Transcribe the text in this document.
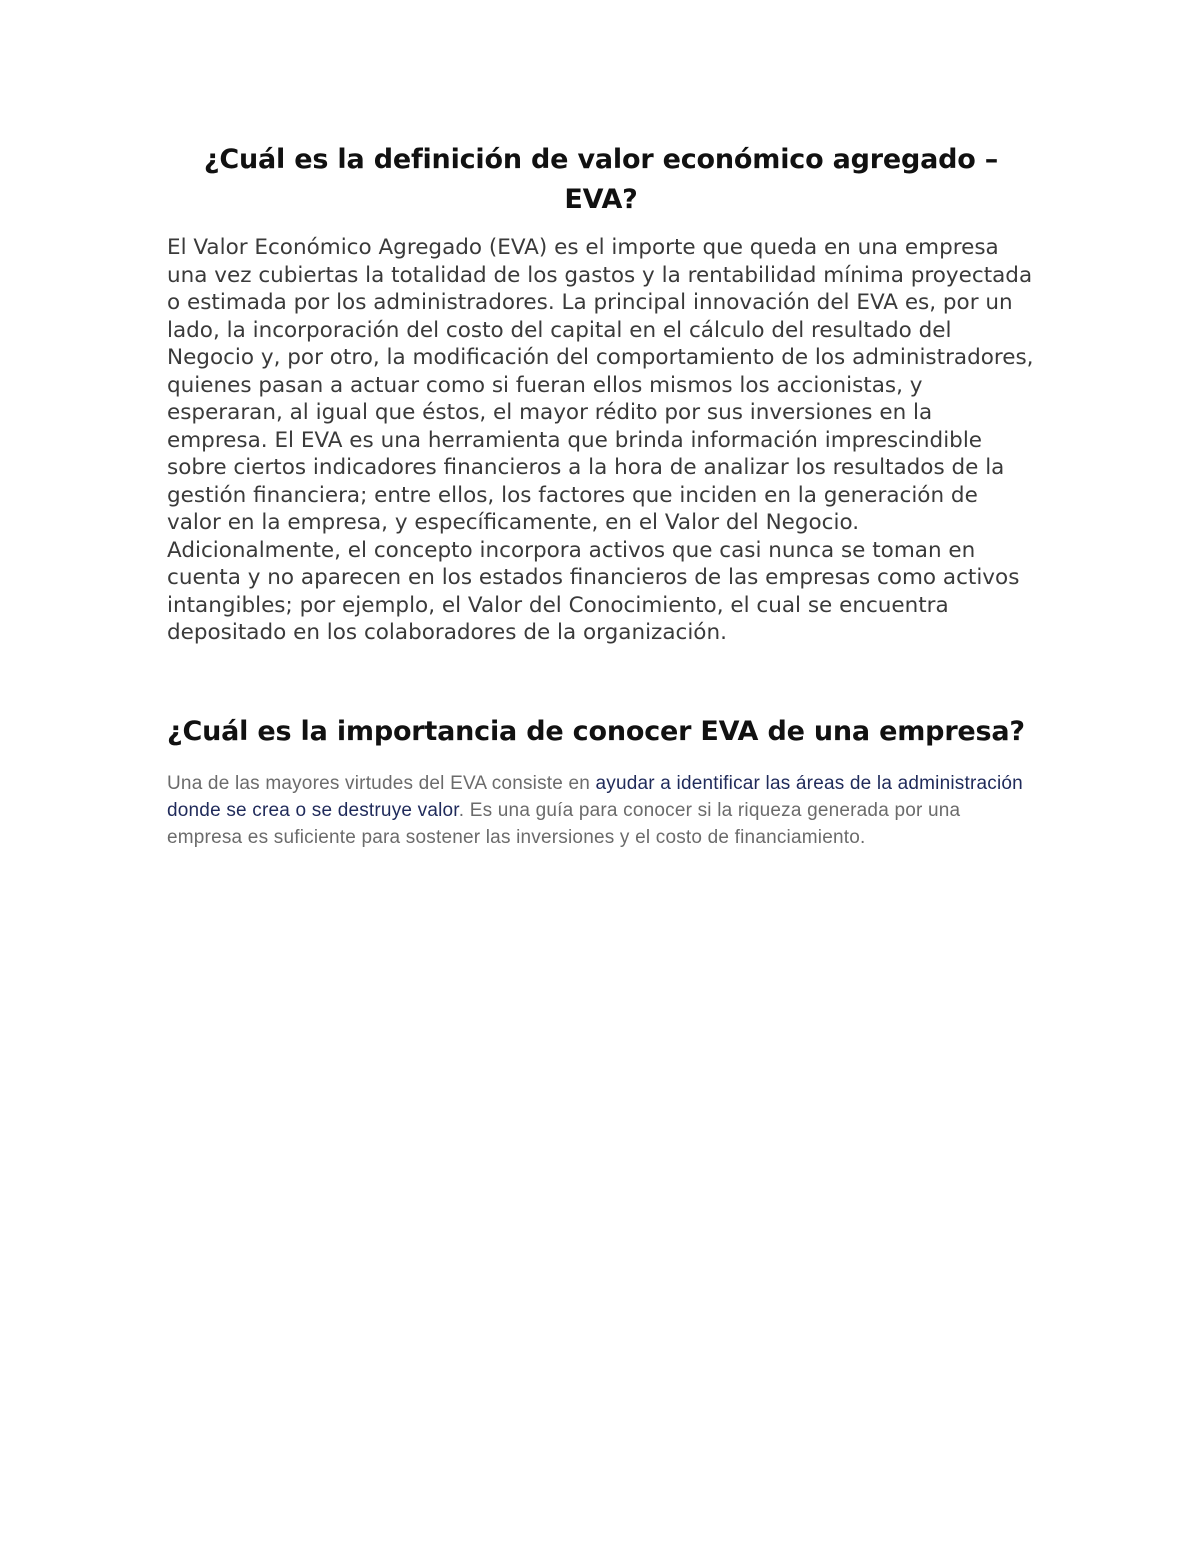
¿Cuál es la definición de valor económico agregado – EVA?

El Valor Económico Agregado (EVA) es el importe que queda en una empresa una vez cubiertas la totalidad de los gastos y la rentabilidad mínima proyectada o estimada por los administradores. La principal innovación del EVA es, por un lado, la incorporación del costo del capital en el cálculo del resultado del Negocio y, por otro, la modificación del comportamiento de los administradores, quienes pasan a actuar como si fueran ellos mismos los accionistas, y esperaran, al igual que éstos, el mayor rédito por sus inversiones en la empresa. El EVA es una herramienta que brinda información imprescindible sobre ciertos indicadores financieros a la hora de analizar los resultados de la gestión financiera; entre ellos, los factores que inciden en la generación de valor en la empresa, y específicamente, en el Valor del Negocio. Adicionalmente, el concepto incorpora activos que casi nunca se toman en cuenta y no aparecen en los estados financieros de las empresas como activos intangibles; por ejemplo, el Valor del Conocimiento, el cual se encuentra depositado en los colaboradores de la organización.

¿Cuál es la importancia de conocer EVA de una empresa?

Una de las mayores virtudes del EVA consiste en ayudar a identificar las áreas de la administración donde se crea o se destruye valor. Es una guía para conocer si la riqueza generada por una empresa es suficiente para sostener las inversiones y el costo de financiamiento.
